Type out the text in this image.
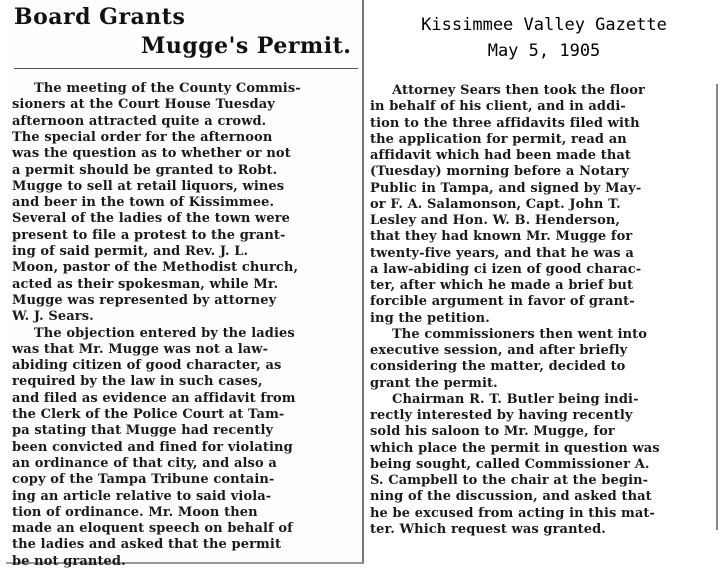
Board Grants
Mugge's Permit.
The meeting of the County Commis-
sioners at the Court House Tuesday
afternoon attracted quite a crowd.
The special order for the afternoon
was the question as to whether or not
a permit should be granted to Robt.
Mugge to sell at retail liquors, wines
and beer in the town of Kissimmee.
Several of the ladies of the town were
present to file a protest to the grant-
ing of said permit, and Rev. J. L.
Moon, pastor of the Methodist church,
acted as their spokesman, while Mr.
Mugge was represented by attorney
W. J. Sears.
The objection entered by the ladies
was that Mr. Mugge was not a law-
abiding citizen of good character, as
required by the law in such cases,
and filed as evidence an affidavit from
the Clerk of the Police Court at Tam-
pa stating that Mugge had recently
been convicted and fined for violating
an ordinance of that city, and also a
copy of the Tampa Tribune contain-
ing an article relative to said viola-
tion of ordinance. Mr. Moon then
made an eloquent speech on behalf of
the ladies and asked that the permit
be not granted.
Kissimmee Valley Gazette
May 5, 1905
Attorney Sears then took the floor
in behalf of his client, and in addi-
tion to the three affidavits filed with
the application for permit, read an
affidavit which had been made that
(Tuesday) morning before a Notary
Public in Tampa, and signed by May-
or F. A. Salamonson, Capt. John T.
Lesley and Hon. W. B. Henderson,
that they had known Mr. Mugge for
twenty-five years, and that he was a
a law-abiding ci izen of good charac-
ter, after which he made a brief but
forcible argument in favor of grant-
ing the petition.
The commissioners then went into
executive session, and after briefly
considering the matter, decided to
grant the permit.
Chairman R. T. Butler being indi-
rectly interested by having recently
sold his saloon to Mr. Mugge, for
which place the permit in question was
being sought, called Commissioner A.
S. Campbell to the chair at the begin-
ning of the discussion, and asked that
he be excused from acting in this mat-
ter. Which request was granted.
